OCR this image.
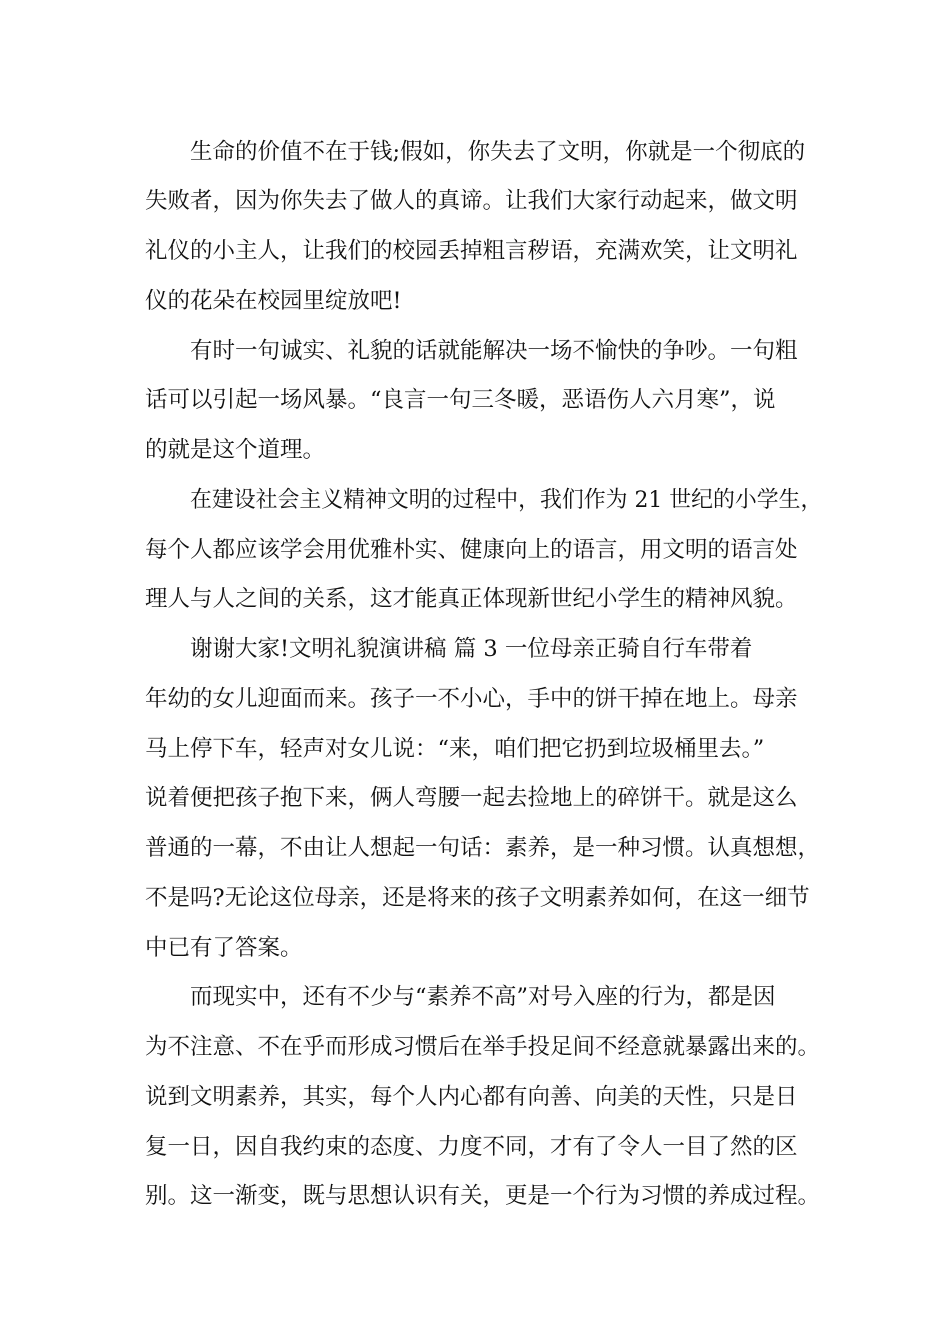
生命的价值不在于钱;假如，你失去了文明，你就是一个彻底的
失败者，因为你失去了做人的真谛。让我们大家行动起来，做文明
礼仪的小主人，让我们的校园丢掉粗言秽语，充满欢笑，让文明礼
仪的花朵在校园里绽放吧!
有时一句诚实、礼貌的话就能解决一场不愉快的争吵。一句粗
话可以引起一场风暴。“良言一句三冬暖，恶语伤人六月寒”，说
的就是这个道理。
在建设社会主义精神文明的过程中，我们作为 21 世纪的小学生，
每个人都应该学会用优雅朴实、健康向上的语言，用文明的语言处
理人与人之间的关系，这才能真正体现新世纪小学生的精神风貌。
谢谢大家!文明礼貌演讲稿 篇 3 一位母亲正骑自行车带着
年幼的女儿迎面而来。孩子一不小心，手中的饼干掉在地上。母亲
马上停下车，轻声对女儿说：“来，咱们把它扔到垃圾桶里去。”
说着便把孩子抱下来，俩人弯腰一起去捡地上的碎饼干。就是这么
普通的一幕，不由让人想起一句话：素养，是一种习惯。认真想想，
不是吗?无论这位母亲，还是将来的孩子文明素养如何，在这一细节
中已有了答案。
而现实中，还有不少与“素养不高”对号入座的行为，都是因
为不注意、不在乎而形成习惯后在举手投足间不经意就暴露出来的。
说到文明素养，其实，每个人内心都有向善、向美的天性，只是日
复一日，因自我约束的态度、力度不同，才有了令人一目了然的区
别。这一渐变，既与思想认识有关，更是一个行为习惯的养成过程。
